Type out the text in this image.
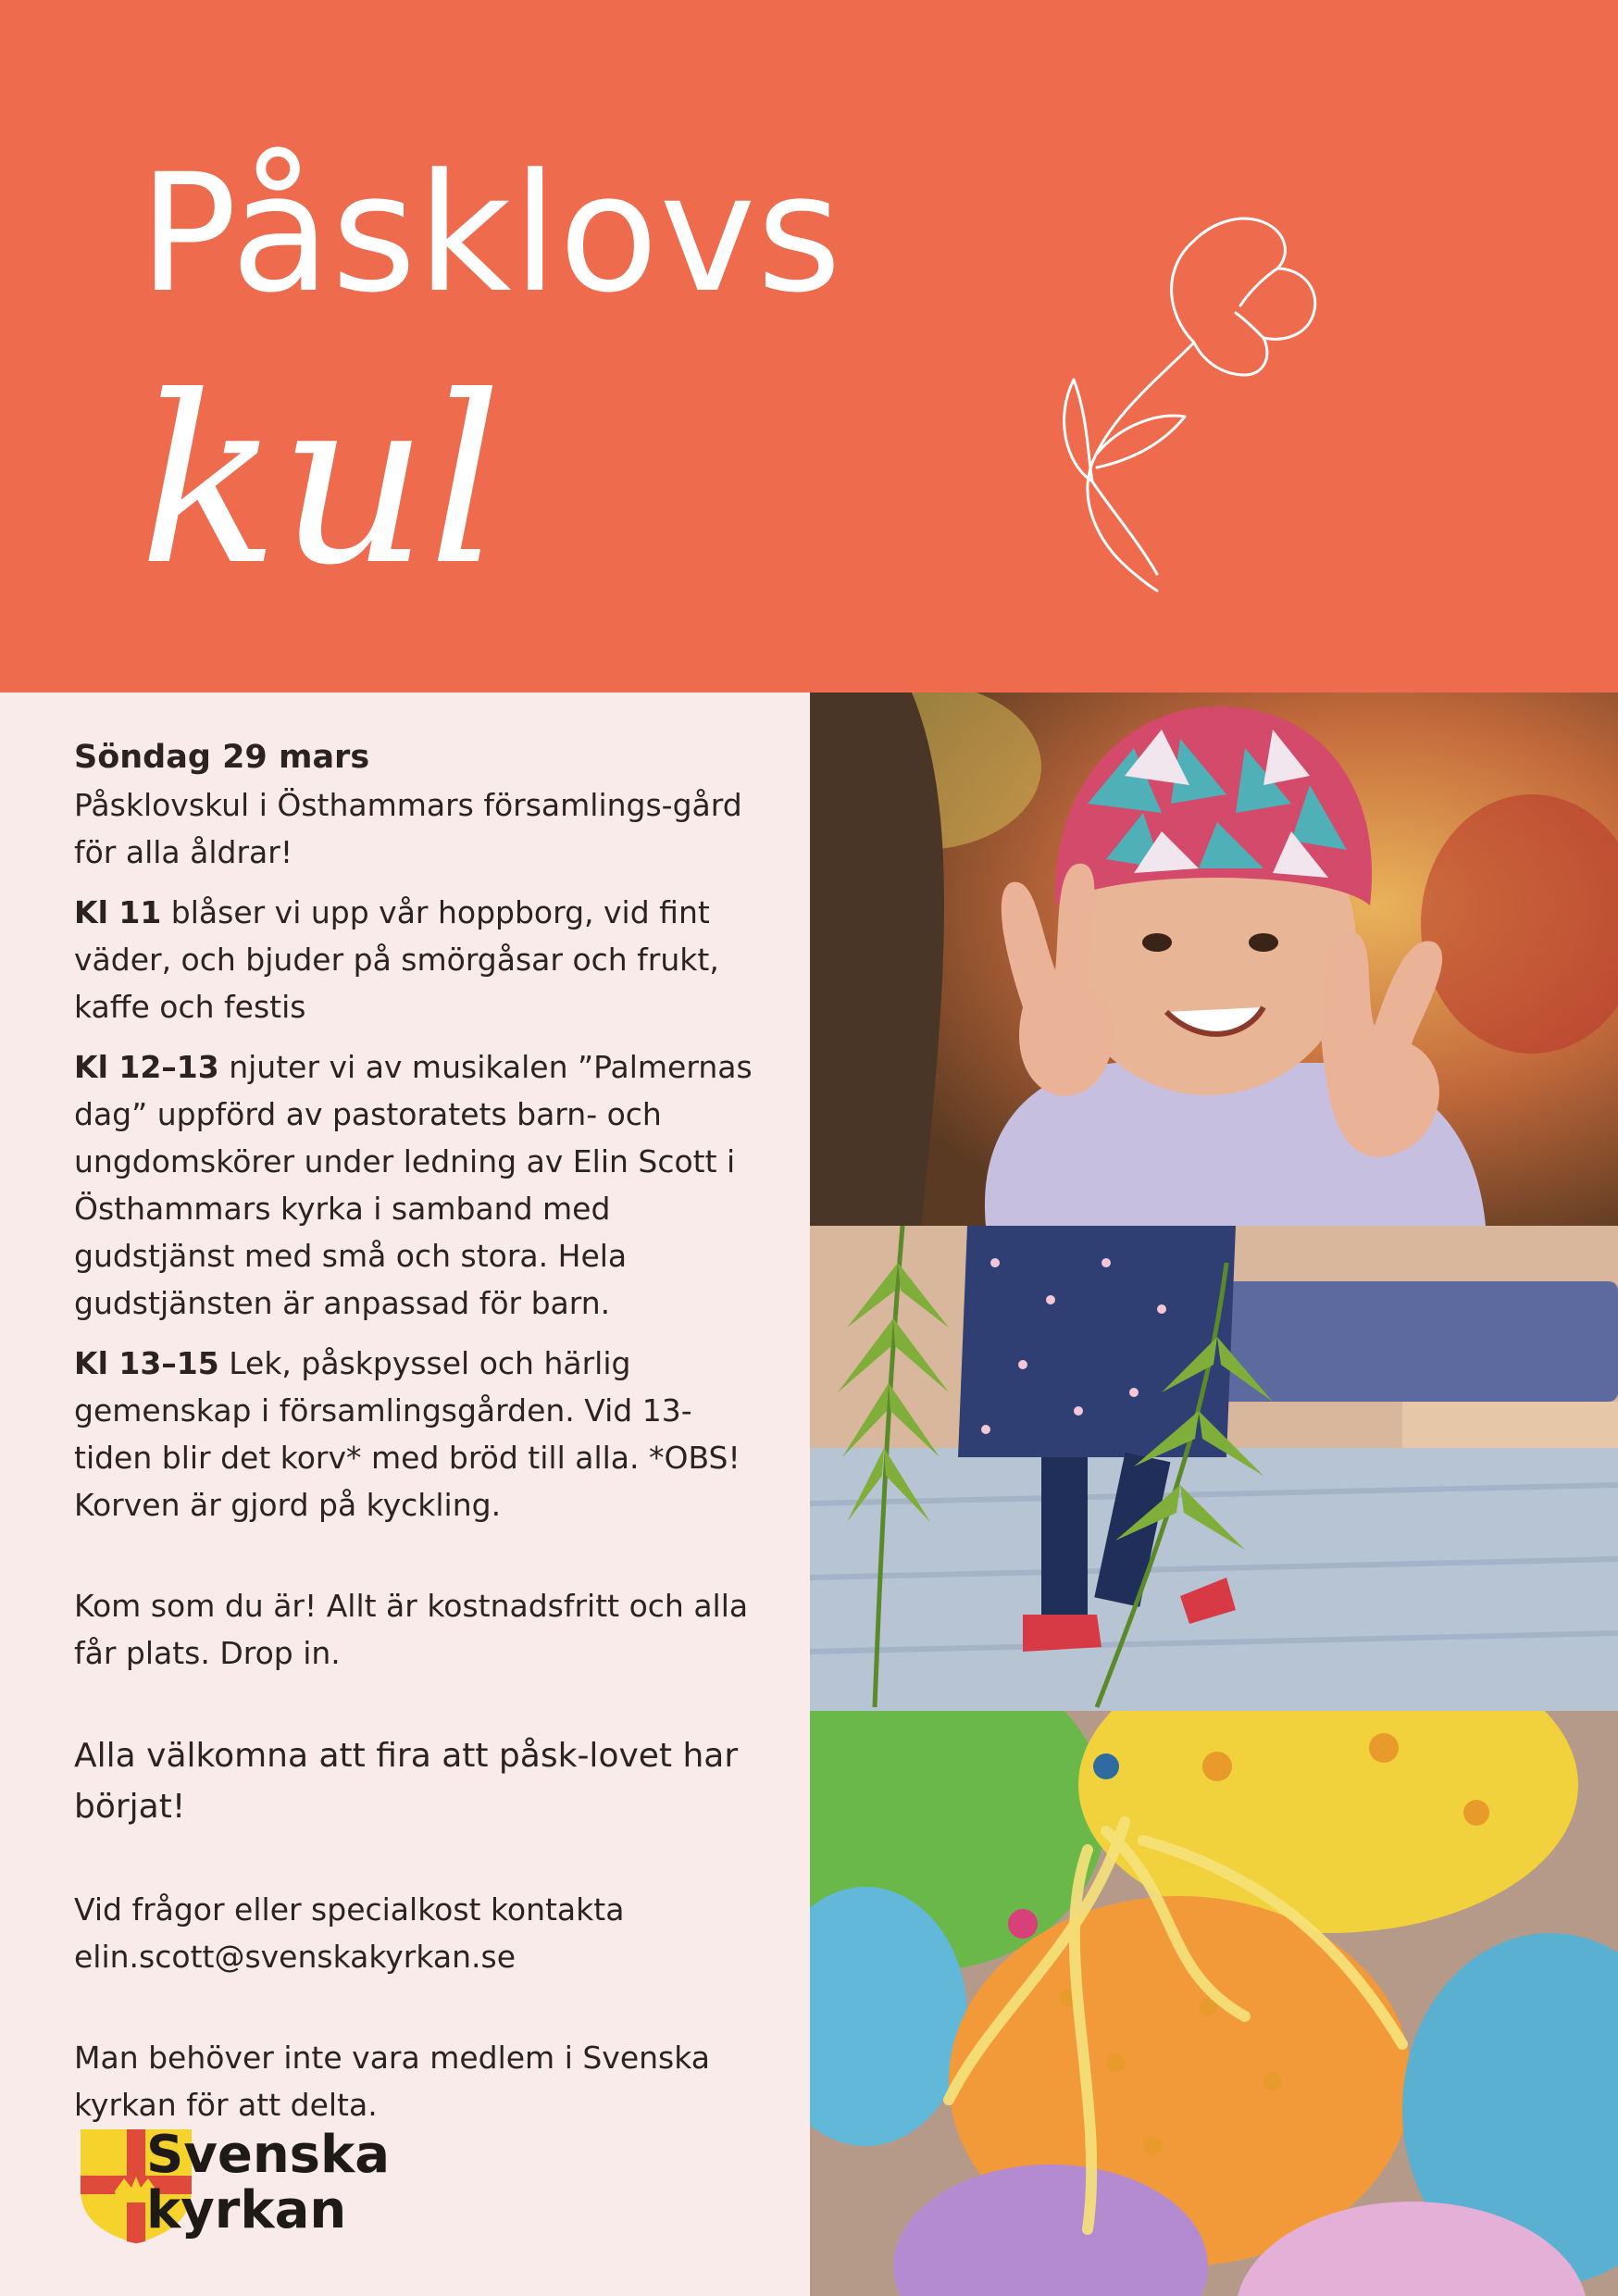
Påsklovs
kul

Söndag 29 mars
Påsklovskul i Östhammars församlings-gård för alla åldrar!

Kl 11 blåser vi upp vår hoppborg, vid fint väder, och bjuder på smörgåsar och frukt, kaffe och festis

Kl 12–13 njuter vi av musikalen ”Palmernas dag” uppförd av pastoratets barn- och ungdomskörer under ledning av Elin Scott i Östhammars kyrka i samband med gudstjänst med små och stora. Hela gudstjänsten är anpassad för barn.

Kl 13–15 Lek, påskpyssel och härlig gemenskap i församlingsgården. Vid 13-tiden blir det korv* med bröd till alla. *OBS! Korven är gjord på kyckling.

Kom som du är! Allt är kostnadsfritt och alla får plats. Drop in.

Alla välkomna att fira att påsk-lovet har börjat!

Vid frågor eller specialkost kontakta elin.scott@svenskakyrkan.se

Man behöver inte vara medlem i Svenska kyrkan för att delta.

Svenska
kyrkan
